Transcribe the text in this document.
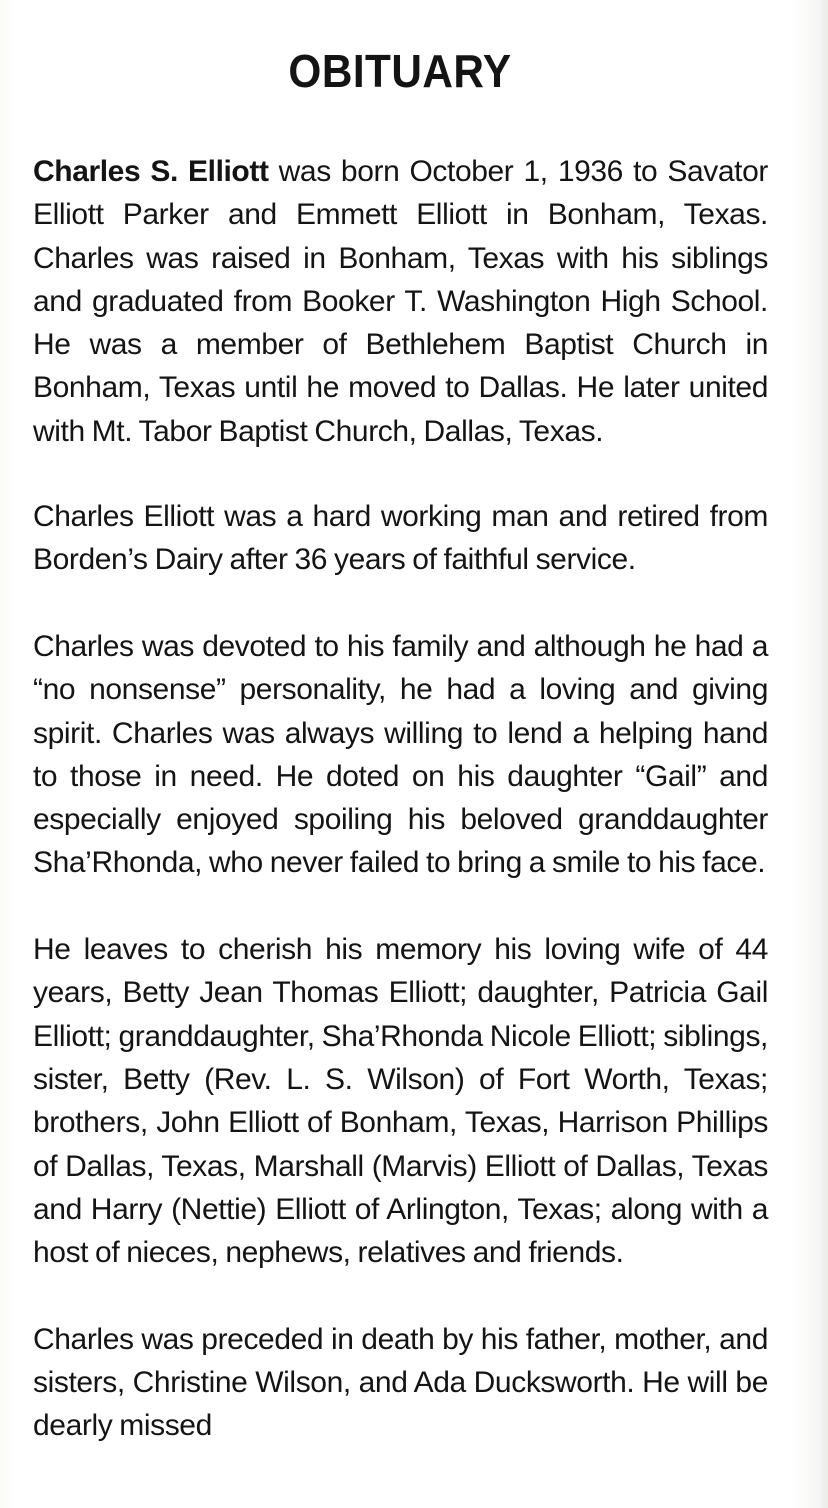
OBITUARY

Charles S. Elliott was born October 1, 1936 to Savator Elliott Parker and Emmett Elliott in Bonham, Texas. Charles was raised in Bonham, Texas with his siblings and graduated from Booker T. Washington High School. He was a member of Bethlehem Baptist Church in Bonham, Texas until he moved to Dallas. He later united with Mt. Tabor Baptist Church, Dallas, Texas.

Charles Elliott was a hard working man and retired from Borden’s Dairy after 36 years of faithful service.

Charles was devoted to his family and although he had a “no nonsense” personality, he had a loving and giving spirit. Charles was always willing to lend a helping hand to those in need. He doted on his daughter “Gail” and especially enjoyed spoiling his beloved granddaughter Sha’Rhonda, who never failed to bring a smile to his face.

He leaves to cherish his memory his loving wife of 44 years, Betty Jean Thomas Elliott; daughter, Patricia Gail Elliott; granddaughter, Sha’Rhonda Nicole Elliott; siblings, sister, Betty (Rev. L. S. Wilson) of Fort Worth, Texas; brothers, John Elliott of Bonham, Texas, Harrison Phillips of Dallas, Texas, Marshall (Marvis) Elliott of Dallas, Texas and Harry (Nettie) Elliott of Arlington, Texas; along with a host of nieces, nephews, relatives and friends.

Charles was preceded in death by his father, mother, and sisters, Christine Wilson, and Ada Ducksworth. He will be dearly missed
